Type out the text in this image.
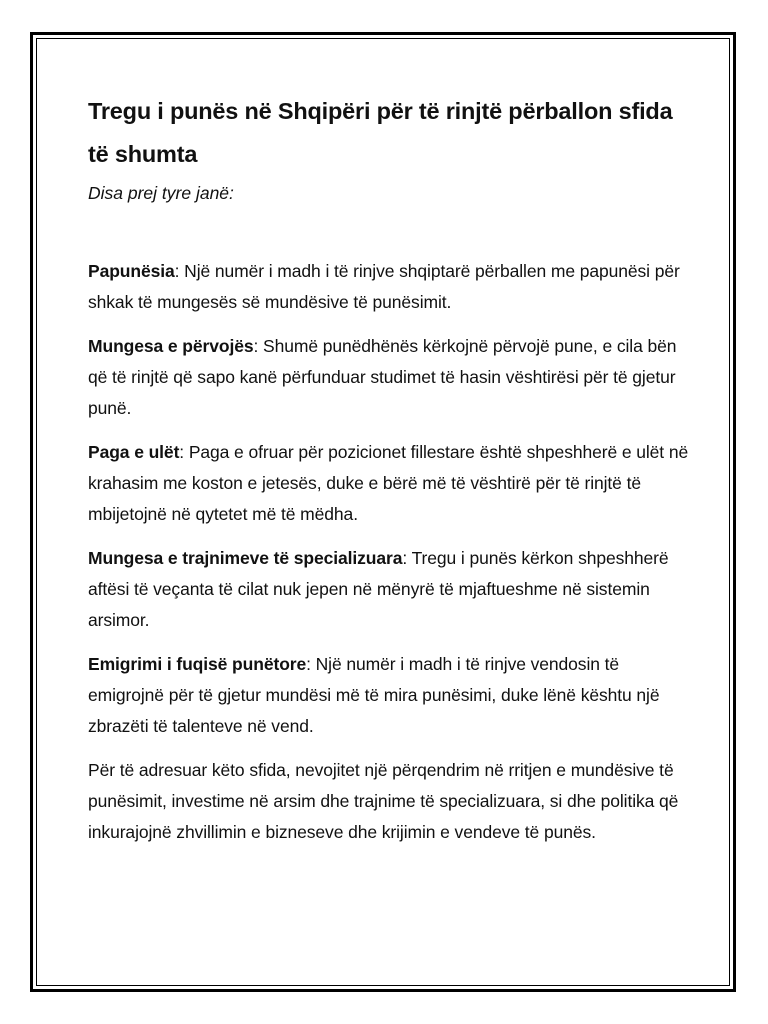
Tregu i punës në Shqipëri për të rinjtë përballon sfida të shumta

Disa prej tyre janë:

Papunësia: Një numër i madh i të rinjve shqiptarë përballen me papunësi për shkak të mungesës së mundësive të punësimit.

Mungesa e përvojës: Shumë punëdhënës kërkojnë përvojë pune, e cila bën që të rinjtë që sapo kanë përfunduar studimet të hasin vështirësi për të gjetur punë.

Paga e ulët: Paga e ofruar për pozicionet fillestare është shpeshherë e ulët në krahasim me koston e jetesës, duke e bërë më të vështirë për të rinjtë të mbijetojnë në qytetet më të mëdha.

Mungesa e trajnimeve të specializuara: Tregu i punës kërkon shpeshherë aftësi të veçanta të cilat nuk jepen në mënyrë të mjaftueshme në sistemin arsimor.

Emigrimi i fuqisë punëtore: Një numër i madh i të rinjve vendosin të emigrojnë për të gjetur mundësi më të mira punësimi, duke lënë kështu një zbrazëti të talenteve në vend.

Për të adresuar këto sfida, nevojitet një përqendrim në rritjen e mundësive të punësimit, investime në arsim dhe trajnime të specializuara, si dhe politika që inkurajojnë zhvillimin e bizneseve dhe krijimin e vendeve të punës.
